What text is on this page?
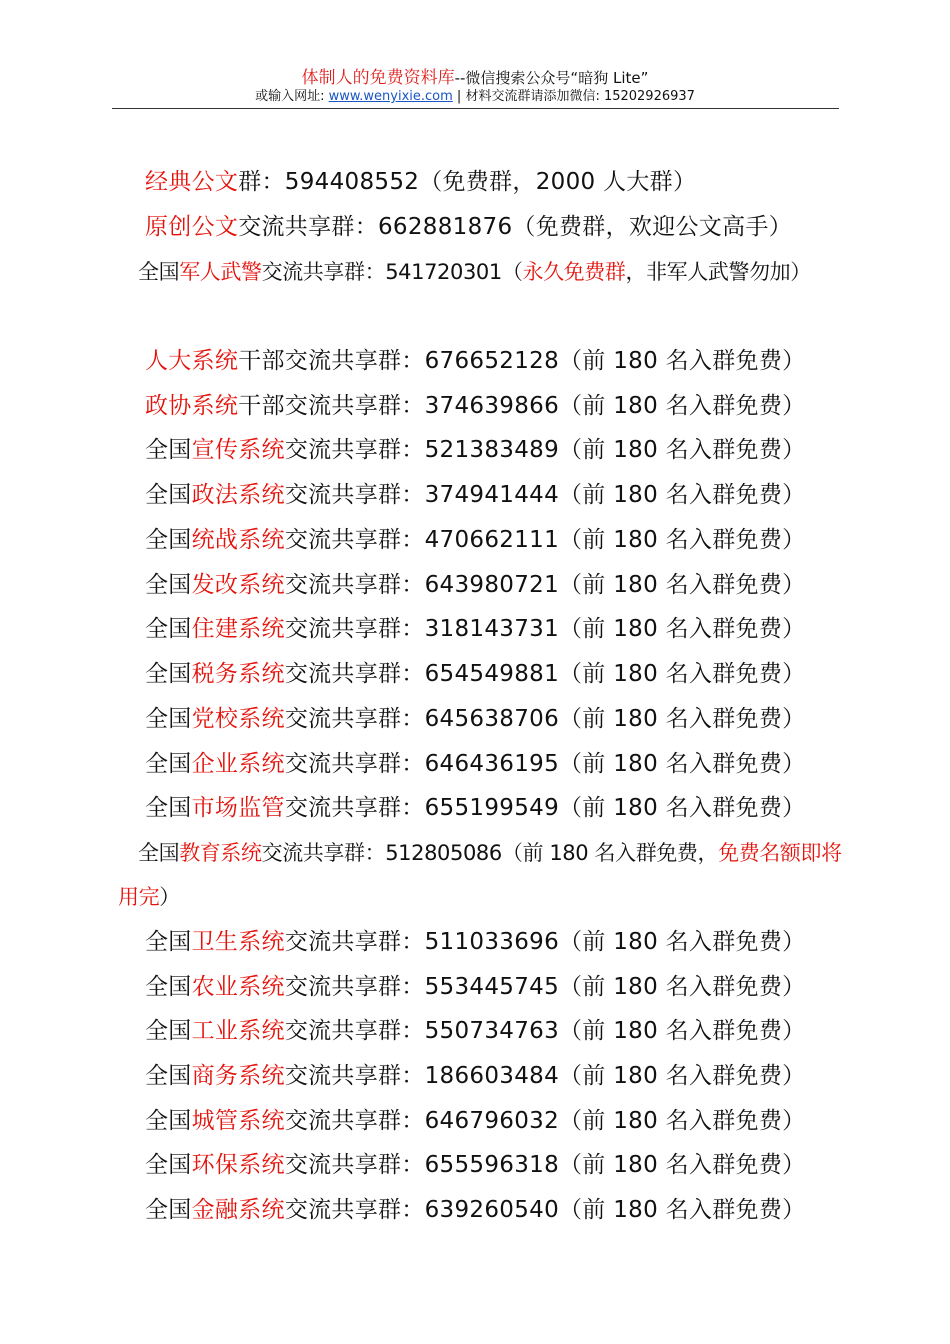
体制人的免费资料库--微信搜索公众号“暗狗 Lite”
或输入网址: www.wenyixie.com | 材料交流群请添加微信: 15202926937
经典公文群：594408552（免费群，2000 人大群）
原创公文交流共享群：662881876（免费群，欢迎公文高手）
全国军人武警交流共享群：541720301（永久免费群，非军人武警勿加）
人大系统干部交流共享群：676652128（前 180 名入群免费）
政协系统干部交流共享群：374639866（前 180 名入群免费）
全国宣传系统交流共享群：521383489（前 180 名入群免费）
全国政法系统交流共享群：374941444（前 180 名入群免费）
全国统战系统交流共享群：470662111（前 180 名入群免费）
全国发改系统交流共享群：643980721（前 180 名入群免费）
全国住建系统交流共享群：318143731（前 180 名入群免费）
全国税务系统交流共享群：654549881（前 180 名入群免费）
全国党校系统交流共享群：645638706（前 180 名入群免费）
全国企业系统交流共享群：646436195（前 180 名入群免费）
全国市场监管交流共享群：655199549（前 180 名入群免费）
全国教育系统交流共享群：512805086（前 180 名入群免费，免费名额即将
用完）
全国卫生系统交流共享群：511033696（前 180 名入群免费）
全国农业系统交流共享群：553445745（前 180 名入群免费）
全国工业系统交流共享群：550734763（前 180 名入群免费）
全国商务系统交流共享群：186603484（前 180 名入群免费）
全国城管系统交流共享群：646796032（前 180 名入群免费）
全国环保系统交流共享群：655596318（前 180 名入群免费）
全国金融系统交流共享群：639260540（前 180 名入群免费）
